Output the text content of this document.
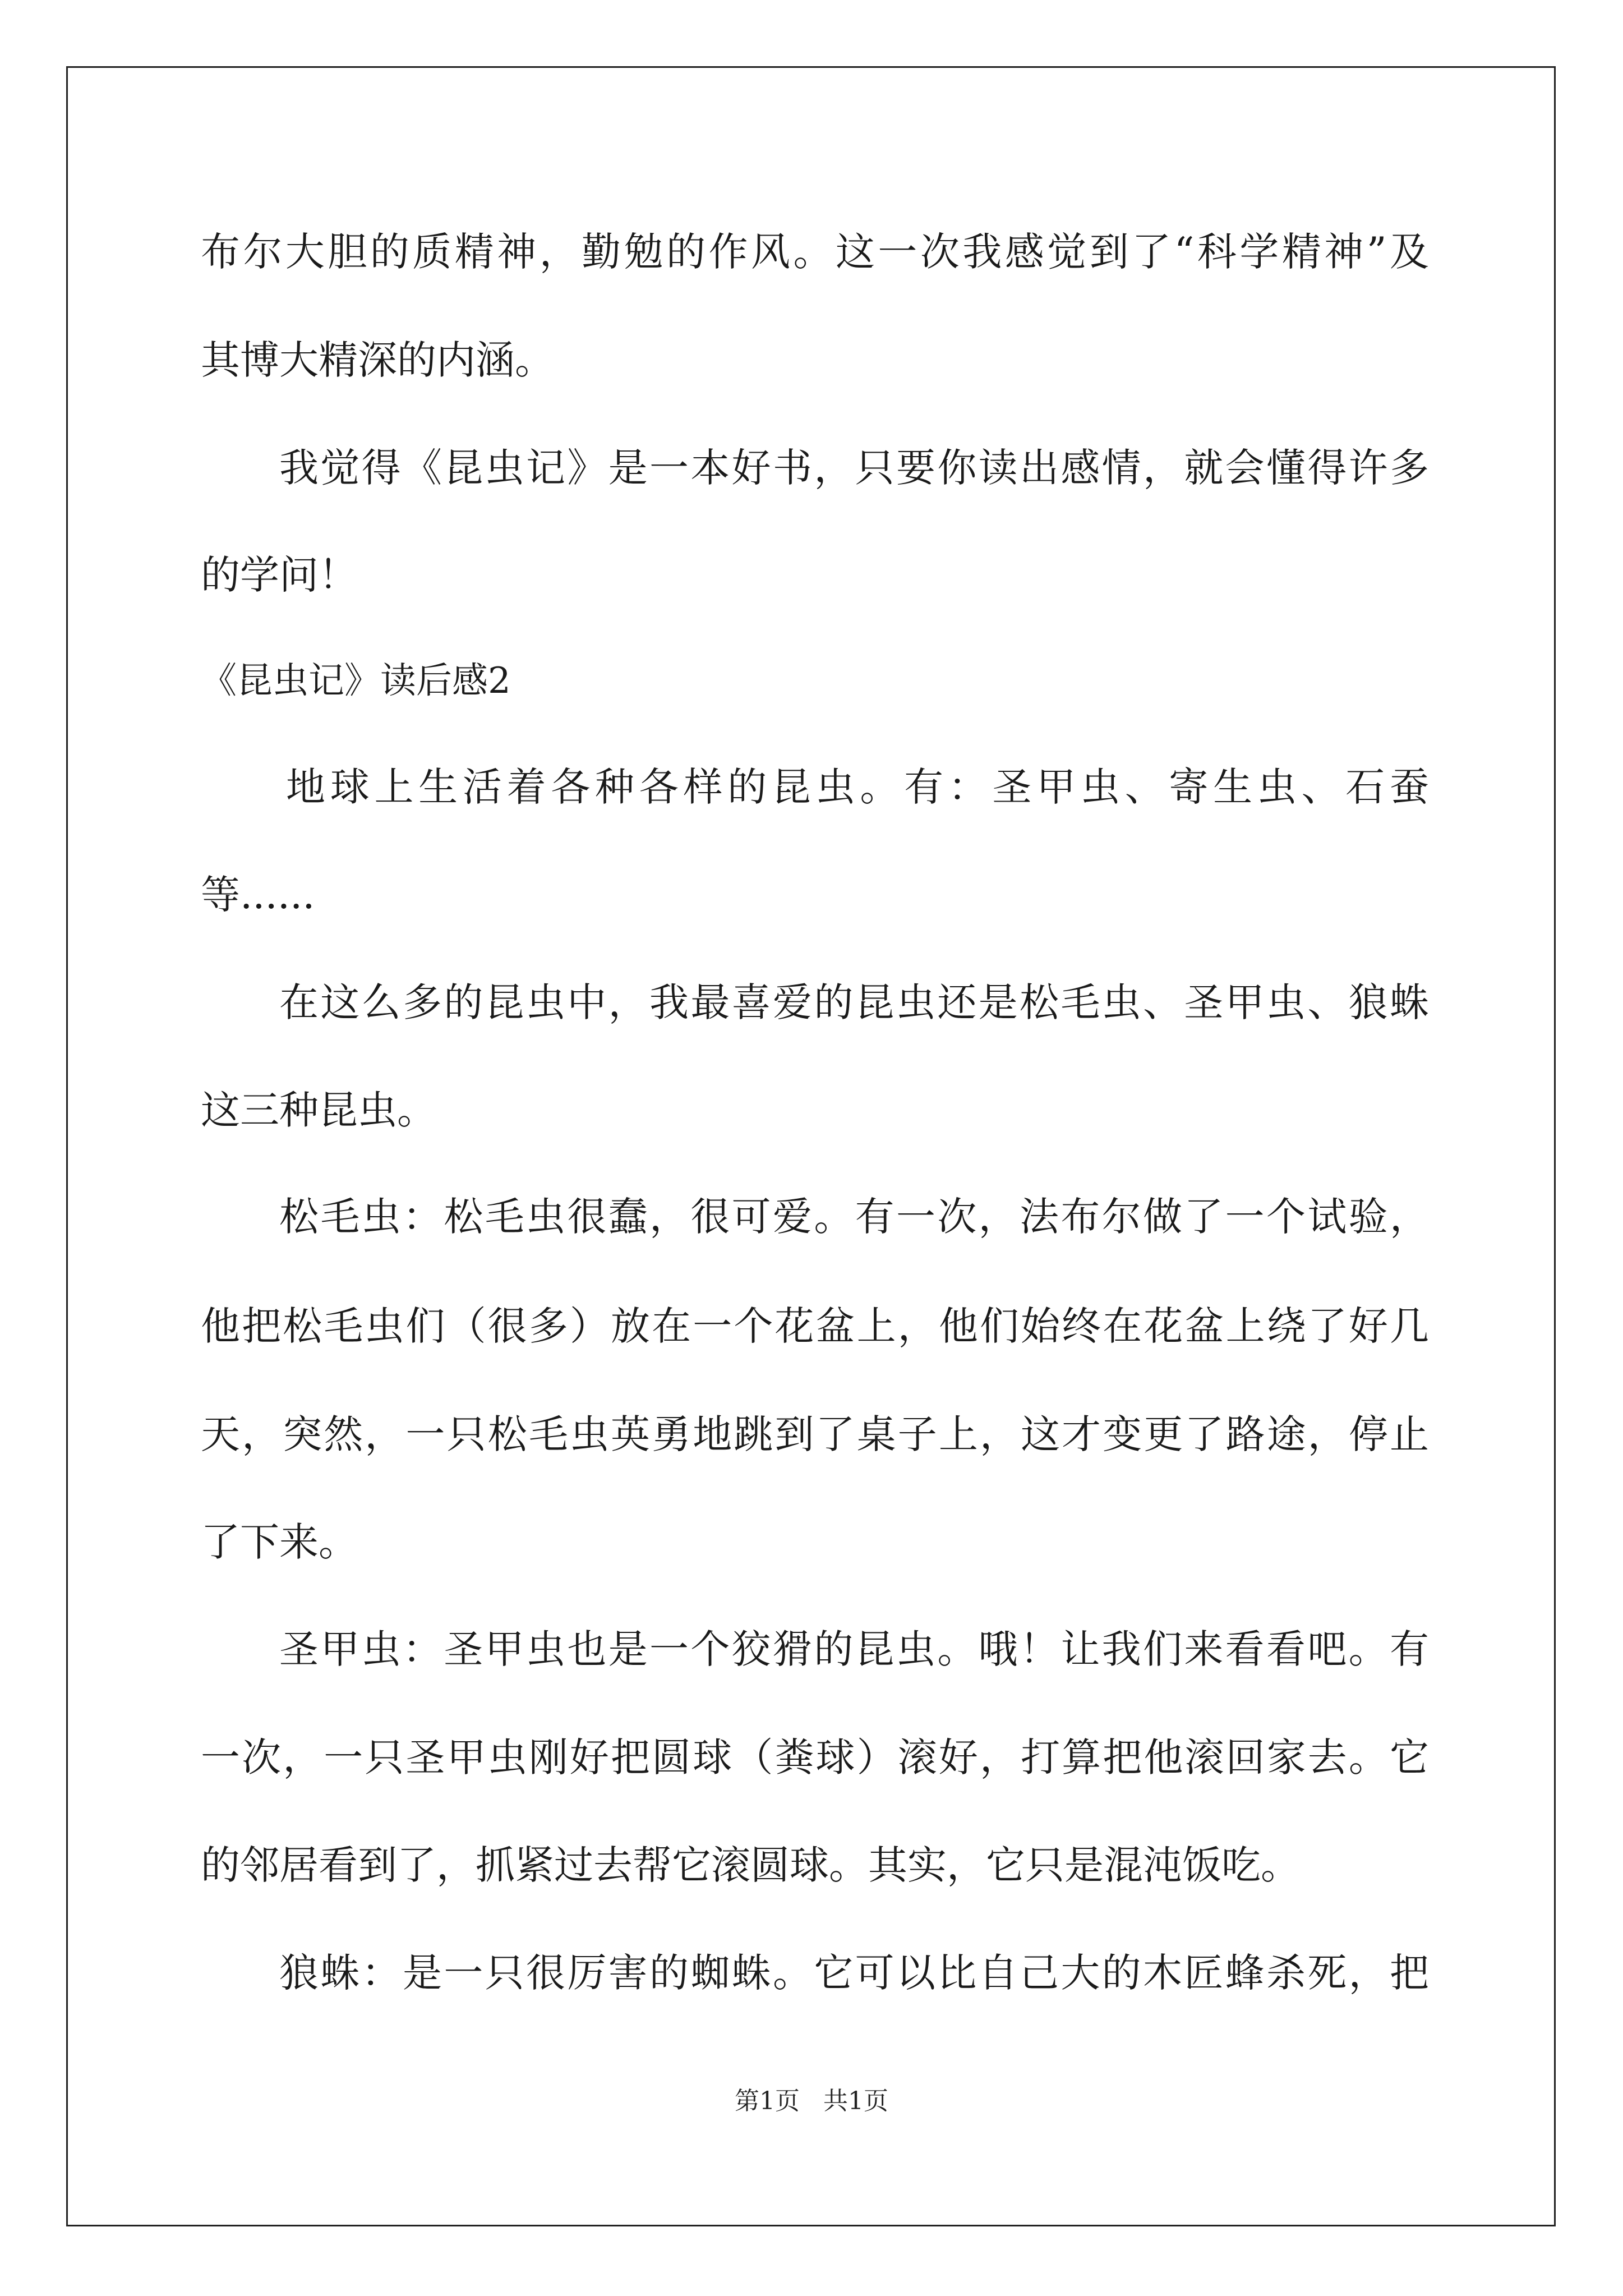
布尔大胆的质精神，勤勉的作风。这一次我感觉到了“科学精神”及
其博大精深的内涵。
我觉得《昆虫记》是一本好书，只要你读出感情，就会懂得许多
的学问！
《昆虫记》读后感2
地球上生活着各种各样的昆虫。有：圣甲虫、寄生虫、石蚕
等......
在这么多的昆虫中，我最喜爱的昆虫还是松毛虫、圣甲虫、狼蛛
这三种昆虫。
松毛虫：松毛虫很蠢，很可爱。有一次，法布尔做了一个试验，
他把松毛虫们（很多）放在一个花盆上，他们始终在花盆上绕了好几
天，突然，一只松毛虫英勇地跳到了桌子上，这才变更了路途，停止
了下来。
圣甲虫：圣甲虫也是一个狡猾的昆虫。哦！让我们来看看吧。有
一次，一只圣甲虫刚好把圆球（粪球）滚好，打算把他滚回家去。它
的邻居看到了，抓紧过去帮它滚圆球。其实，它只是混沌饭吃。
狼蛛：是一只很厉害的蜘蛛。它可以比自己大的木匠蜂杀死，把
第1页   共1页
